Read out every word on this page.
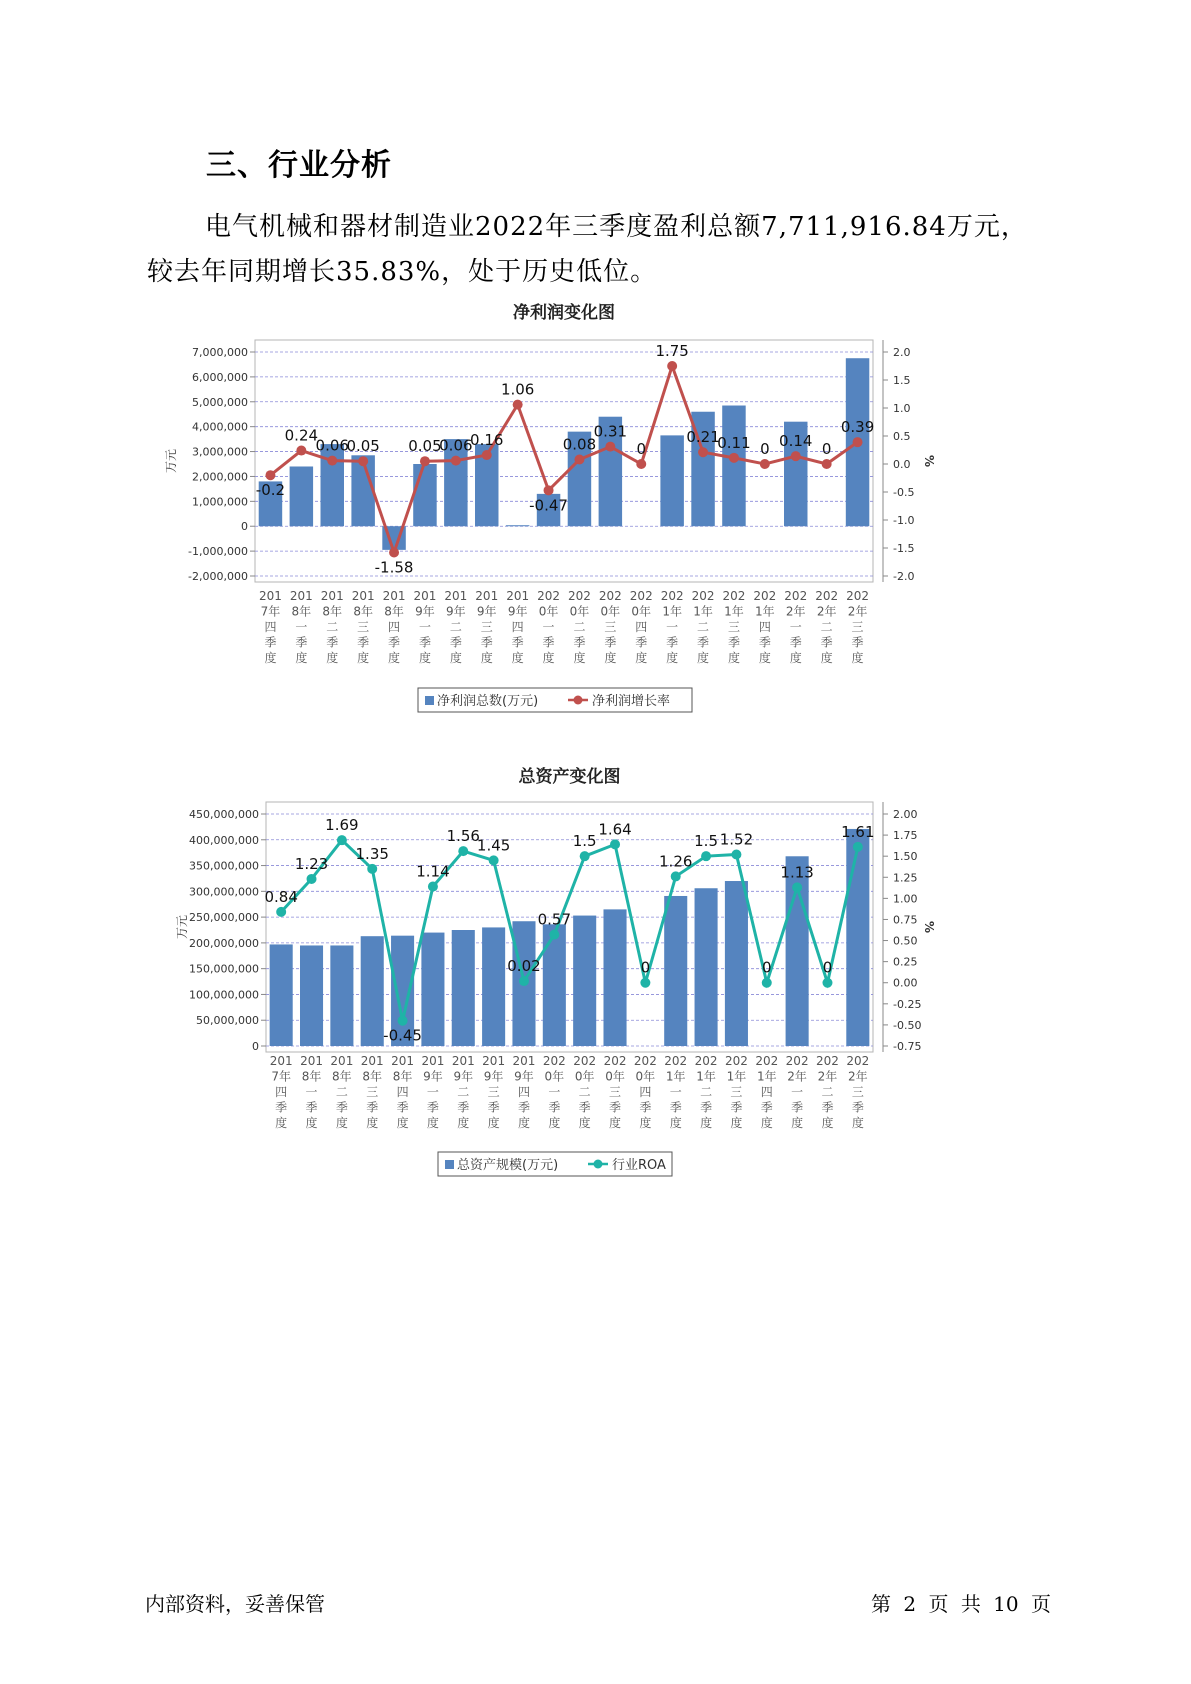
三、行业分析
电气机械和器材制造业2022年三季度盈利总额7,711,916.84万元，较去年同期增长35.83%，处于历史低位。
净利润变化图
-2,000,000
-1,000,000
0
1,000,000
2,000,000
3,000,000
4,000,000
5,000,000
6,000,000
7,000,000
-2.0
-1.5
-1.0
-0.5
0.0
0.5
1.0
1.5
2.0
万元	%
201 7年四季度
201 8年一季度
201 8年二季度
201 8年三季度
201 8年四季度
201 9年一季度
201 9年二季度
201 9年三季度
201 9年四季度
202 0年一季度
202 0年二季度
202 0年三季度
202 0年四季度
202 1年一季度
202 1年二季度
202 1年三季度
202 1年四季度
202 2年一季度
202 2年二季度
202 2年三季度
-0.2
0.24
0.06
0.05
-1.58
0.05
0.06
0.16
1.06
-0.47
0.08
0.31
0
1.75
0.21
0.11 0 0.14 0
0.39
净利润总数(万元)	净利润增长率
总资产变化图
0
50,000,000
100,000,000
150,000,000
200,000,000
250,000,000
300,000,000
350,000,000
400,000,000
450,000,000
-0.75
-0.50
-0.25
0.00
0.25
0.50
0.75
1.00
1.25
1.50
1.75
2.00
万元	%
201 7年四季度
201 8年一季度
201 8年二季度
201 8年三季度
201 8年四季度
201 9年一季度
201 9年二季度
201 9年三季度
201 9年四季度
202 0年一季度
202 0年二季度
202 0年三季度
202 0年四季度
202 1年一季度
202 1年二季度
202 1年三季度
202 1年四季度
202 2年一季度
202 2年二季度
202 2年三季度
0.84
1.23
1.69
1.35
-0.45
1.14
1.56
1.45
0.02
0.57
1.5
1.64
0
1.26
1.5 1.52
0
1.13
0
1.61
总资产规模(万元)	行业ROA
内部资料，妥善保管	第 2 页 共 10 页
